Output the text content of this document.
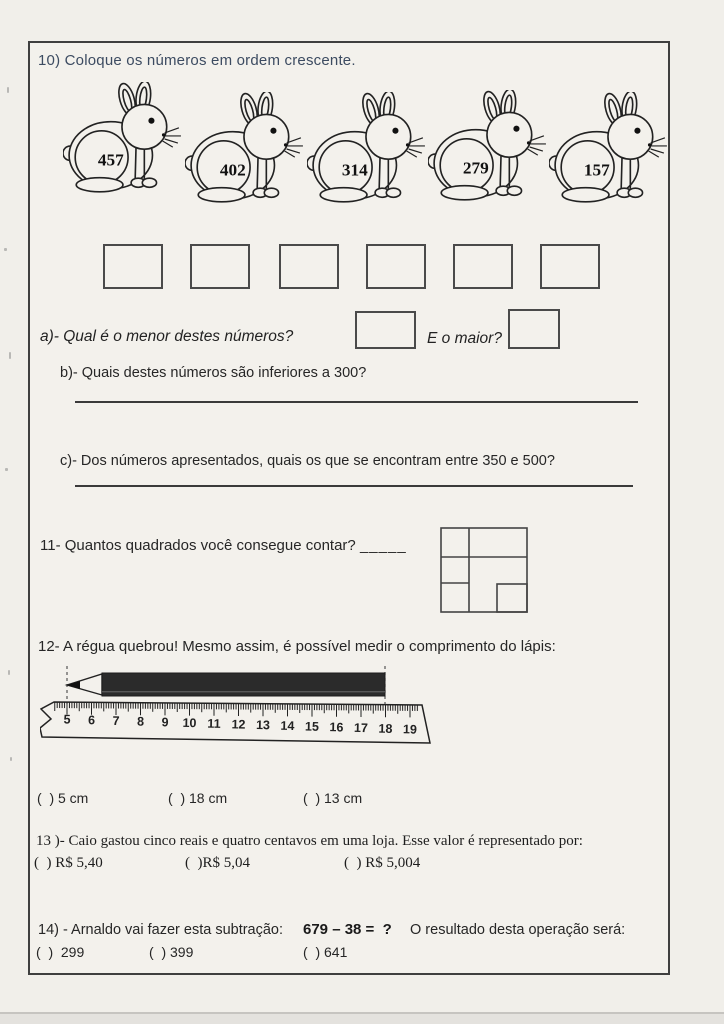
10) Coloque os números em ordem crescente.
457
402	314	279	157
a)- Qual é o menor destes números?	E o maior?
b)- Quais destes números são inferiores a 300?
c)- Dos números apresentados, quais os que se encontram entre 350 e 500?
11- Quantos quadrados você consegue contar? _____
12- A régua quebrou! Mesmo assim, é possível medir o comprimento do lápis:
5 6 7 8 9 10 11 12 13 14 15 16 17 18 19
(  ) 5 cm	(  ) 18 cm	(  ) 13 cm
13 )- Caio gastou cinco reais e quatro centavos em uma loja. Esse valor é representado por:
(  ) R$ 5,40	(  )R$ 5,04	(  ) R$ 5,004
14) - Arnaldo vai fazer esta subtração: 679 – 38 =  ? O resultado desta operação será:
(  )  299	(  ) 399	(  ) 641
